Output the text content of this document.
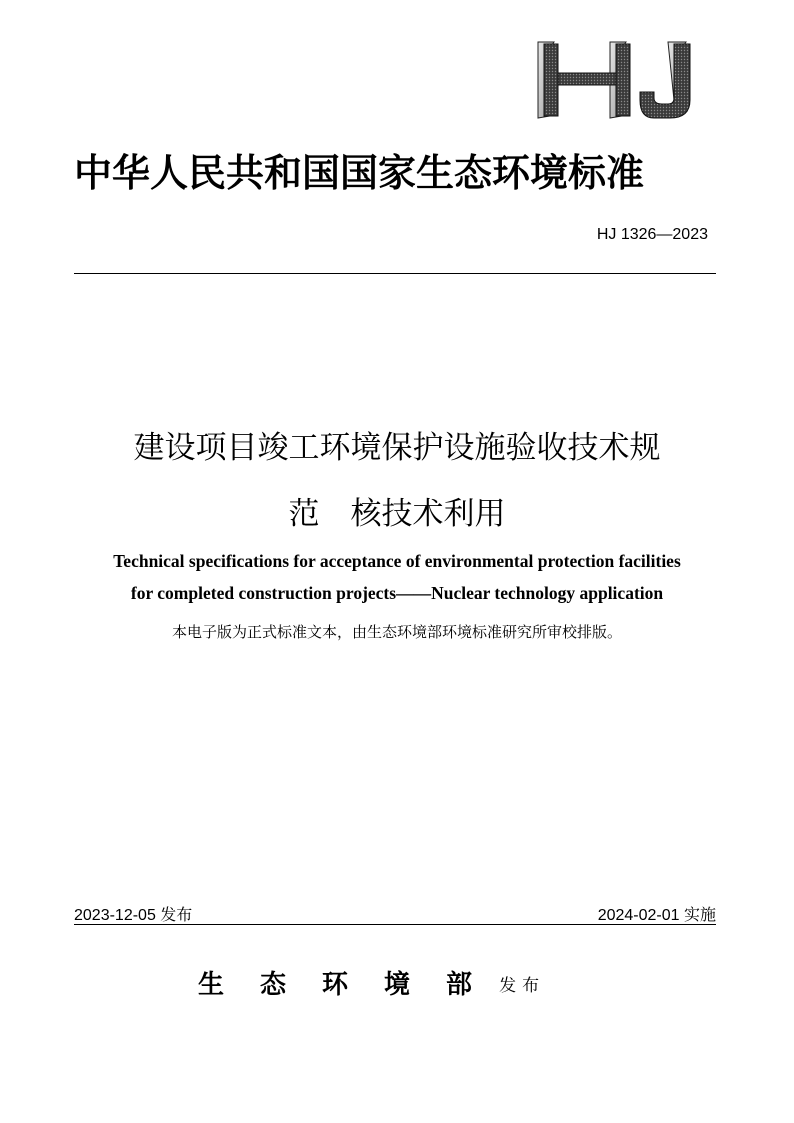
中华人民共和国国家生态环境标准
HJ 1326—2023
建设项目竣工环境保护设施验收技术规
范　核技术利用
Technical specifications for acceptance of environmental protection facilities
for completed construction projects——Nuclear technology application
本电子版为正式标准文本，由生态环境部环境标准研究所审校排版。
2023-12-05 发布	2024-02-01 实施
生态环境部 发布
